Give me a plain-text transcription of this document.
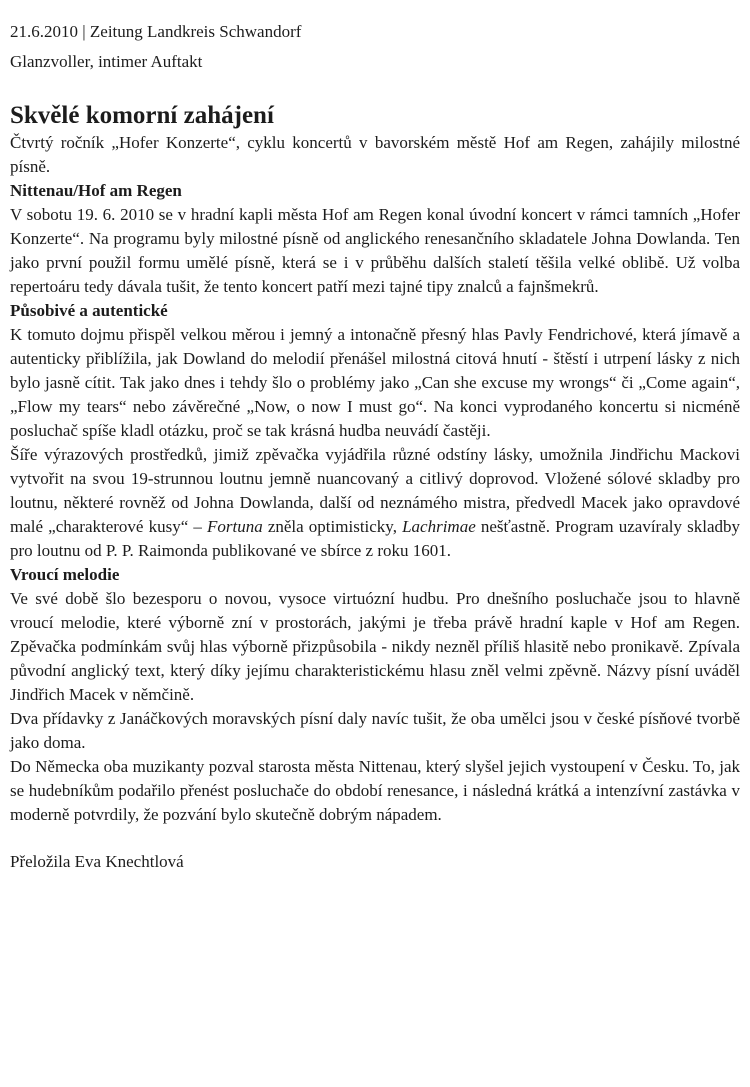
21.6.2010 | Zeitung Landkreis Schwandorf

Glanzvoller, intimer Auftakt

Skvělé komorní zahájení

Čtvrtý ročník „Hofer Konzerte“, cyklu koncertů v bavorském městě Hof am Regen, zahájily milostné písně.

Nittenau/Hof am Regen

V sobotu 19. 6. 2010 se v hradní kapli města Hof am Regen konal úvodní koncert v rámci tamních „Hofer Konzerte“. Na programu byly milostné písně od anglického renesančního skladatele Johna Dowlanda. Ten jako první použil formu umělé písně, která se i v průběhu dalších staletí těšila velké oblibě. Už volba repertoáru tedy dávala tušit, že tento koncert patří mezi tajné tipy znalců a fajnšmekrů.

Působivé a autentické

K tomuto dojmu přispěl velkou měrou i jemný a intonačně přesný hlas Pavly Fendrichové, která jímavě a autenticky přiblížila, jak Dowland do melodií přenášel milostná citová hnutí - štěstí i utrpení lásky z nich bylo jasně cítit. Tak jako dnes i tehdy šlo o problémy jako „Can she excuse my wrongs“ či „Come again“, „Flow my tears“ nebo závěrečné „Now, o now I must go“. Na konci vyprodaného koncertu si nicméně posluchač spíše kladl otázku, proč se tak krásná hudba neuvádí častěji.

Šíře výrazových prostředků, jimiž zpěvačka vyjádřila různé odstíny lásky, umožnila Jindřichu Mackovi vytvořit na svou 19-strunnou loutnu jemně nuancovaný a citlivý doprovod. Vložené sólové skladby pro loutnu, některé rovněž od Johna Dowlanda, další od neznámého mistra, předvedl Macek jako opravdové malé „charakterové kusy“ – Fortuna zněla optimisticky, Lachrimae nešťastně. Program uzavíraly skladby pro loutnu od P. P. Raimonda publikované ve sbírce z roku 1601.

Vroucí melodie

Ve své době šlo bezesporu o novou, vysoce virtuózní hudbu. Pro dnešního posluchače jsou to hlavně vroucí melodie, které výborně zní v prostorách, jakými je třeba právě hradní kaple v Hof am Regen. Zpěvačka podmínkám svůj hlas výborně přizpůsobila - nikdy nezněl příliš hlasitě nebo pronikavě. Zpívala původní anglický text, který díky jejímu charakteristickému hlasu zněl velmi zpěvně. Názvy písní uváděl Jindřich Macek v němčině.

Dva přídavky z Janáčkových moravských písní daly navíc tušit, že oba umělci jsou v české písňové tvorbě jako doma.

Do Německa oba muzikanty pozval starosta města Nittenau, který slyšel jejich vystoupení v Česku. To, jak se hudebníkům podařilo přenést posluchače do období renesance, i následná krátká a intenzívní zastávka v moderně potvrdily, že pozvání bylo skutečně dobrým nápadem.

Přeložila Eva Knechtlová
